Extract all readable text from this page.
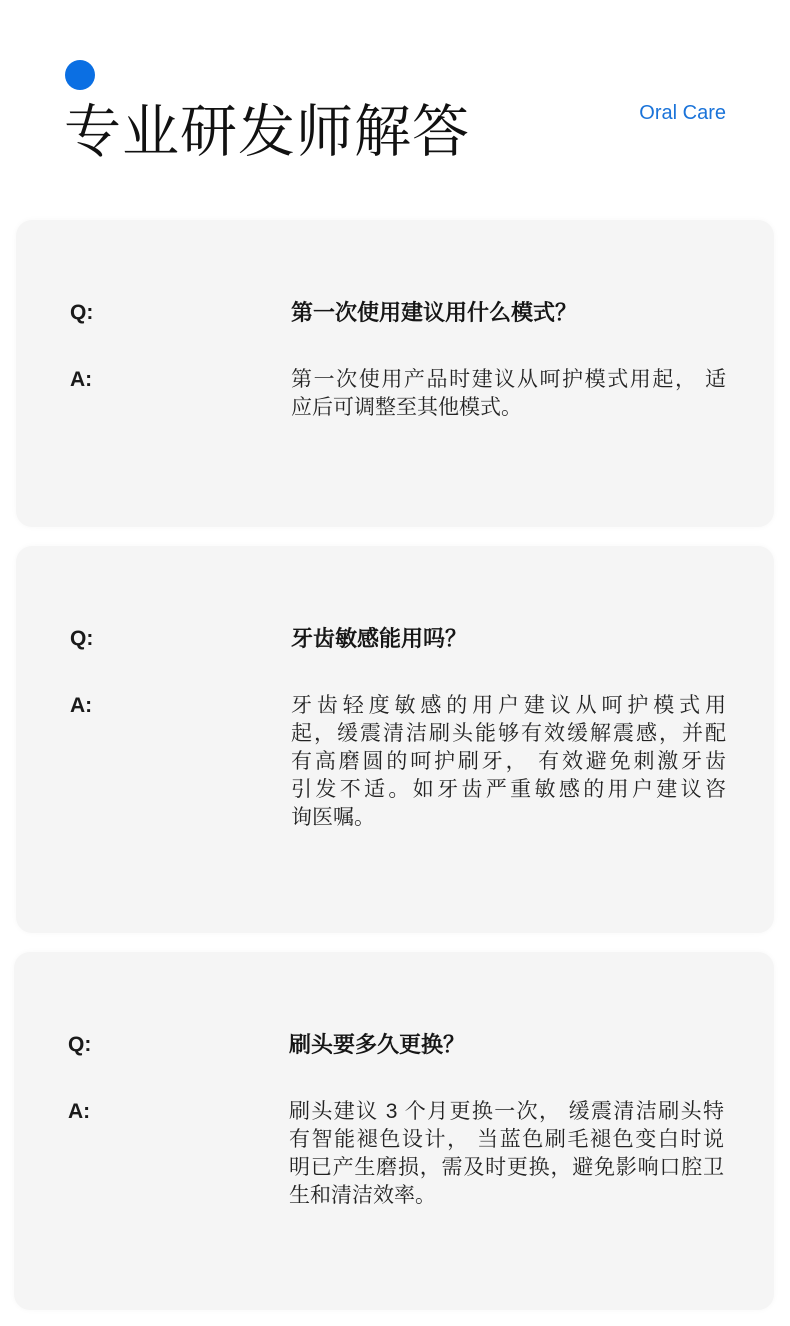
专业研发师解答	Oral Care
Q:	第一次使用建议用什么模式？
A:	第一次使用产品时建议从呵护模式用起， 适
应后可调整至其他模式。
Q:	牙齿敏感能用吗？
A:	牙齿轻度敏感的用户建议从呵护模式用
起，缓震清洁刷头能够有效缓解震感，并配
有高磨圆的呵护刷牙， 有效避免刺激牙齿
引发不适。如牙齿严重敏感的用户建议咨
询医嘱。
Q:	刷头要多久更换？
A:	刷头建议 3 个月更换一次， 缓震清洁刷头特
有智能褪色设计， 当蓝色刷毛褪色变白时说
明已产生磨损，需及时更换，避免影响口腔卫
生和清洁效率。
